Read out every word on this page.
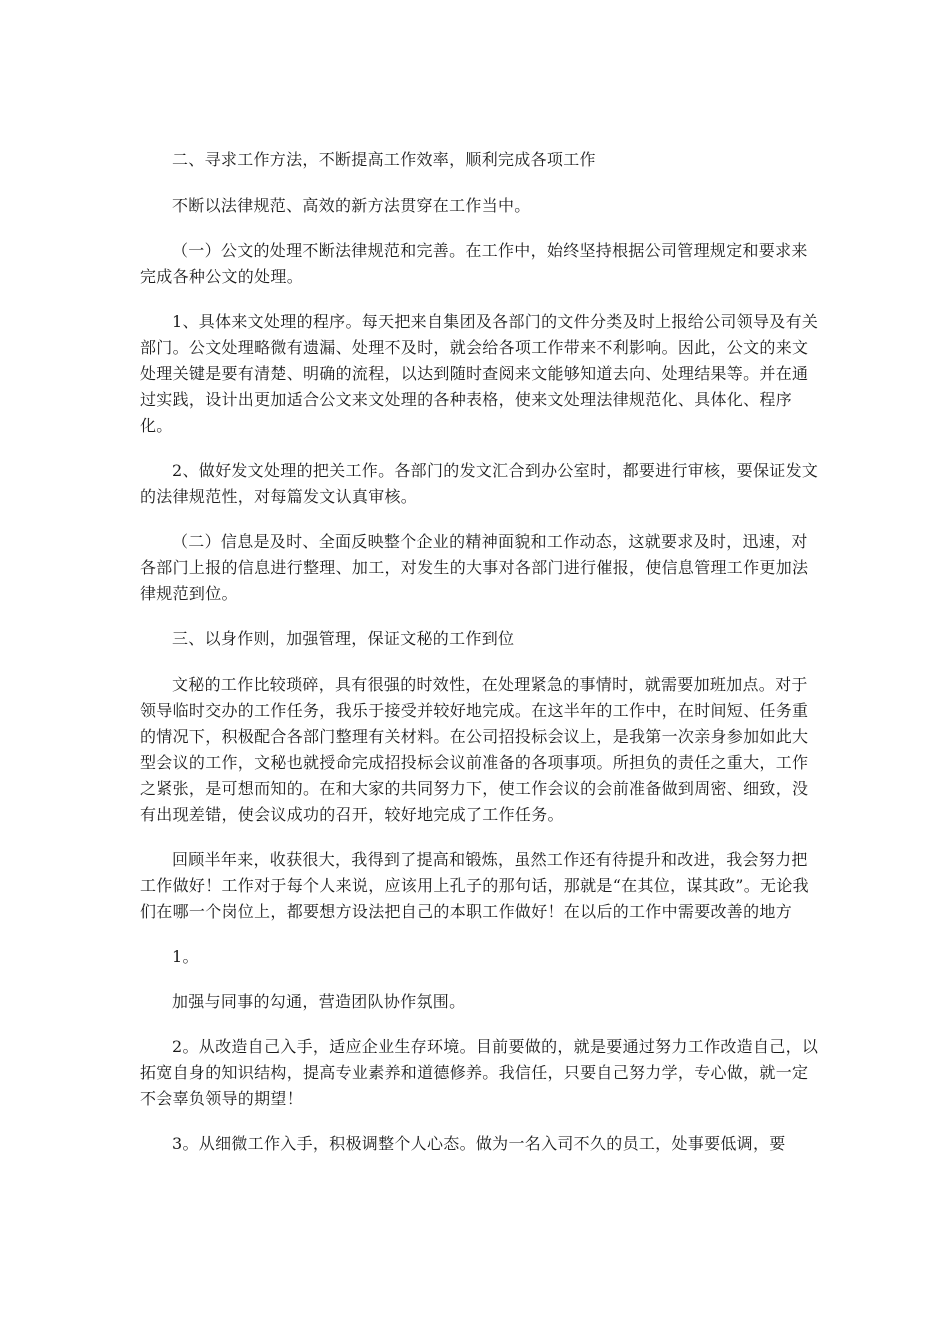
二、寻求工作方法，不断提高工作效率，顺利完成各项工作

不断以法律规范、高效的新方法贯穿在工作当中。

（一）公文的处理不断法律规范和完善。在工作中，始终坚持根据公司管理规定和要求来完成各种公文的处理。

1、具体来文处理的程序。每天把来自集团及各部门的文件分类及时上报给公司领导及有关部门。公文处理略微有遗漏、处理不及时，就会给各项工作带来不利影响。因此，公文的来文处理关键是要有清楚、明确的流程，以达到随时查阅来文能够知道去向、处理结果等。并在通过实践，设计出更加适合公文来文处理的各种表格，使来文处理法律规范化、具体化、程序化。

2、做好发文处理的把关工作。各部门的发文汇合到办公室时，都要进行审核，要保证发文的法律规范性，对每篇发文认真审核。

（二）信息是及时、全面反映整个企业的精神面貌和工作动态，这就要求及时，迅速，对各部门上报的信息进行整理、加工，对发生的大事对各部门进行催报，使信息管理工作更加法律规范到位。

三、以身作则，加强管理，保证文秘的工作到位

文秘的工作比较琐碎，具有很强的时效性，在处理紧急的事情时，就需要加班加点。对于领导临时交办的工作任务，我乐于接受并较好地完成。在这半年的工作中，在时间短、任务重的情况下，积极配合各部门整理有关材料。在公司招投标会议上，是我第一次亲身参加如此大型会议的工作，文秘也就授命完成招投标会议前准备的各项事项。所担负的责任之重大，工作之紧张，是可想而知的。在和大家的共同努力下，使工作会议的会前准备做到周密、细致，没有出现差错，使会议成功的召开，较好地完成了工作任务。

回顾半年来，收获很大，我得到了提高和锻炼，虽然工作还有待提升和改进，我会努力把工作做好！工作对于每个人来说，应该用上孔子的那句话，那就是“在其位，谋其政”。无论我们在哪一个岗位上，都要想方设法把自己的本职工作做好！在以后的工作中需要改善的地方

1。

加强与同事的勾通，营造团队协作氛围。

2。从改造自己入手，适应企业生存环境。目前要做的，就是要通过努力工作改造自己，以拓宽自身的知识结构，提高专业素养和道德修养。我信任，只要自己努力学，专心做，就一定不会辜负领导的期望！

3。从细微工作入手，积极调整个人心态。做为一名入司不久的员工，处事要低调，要
